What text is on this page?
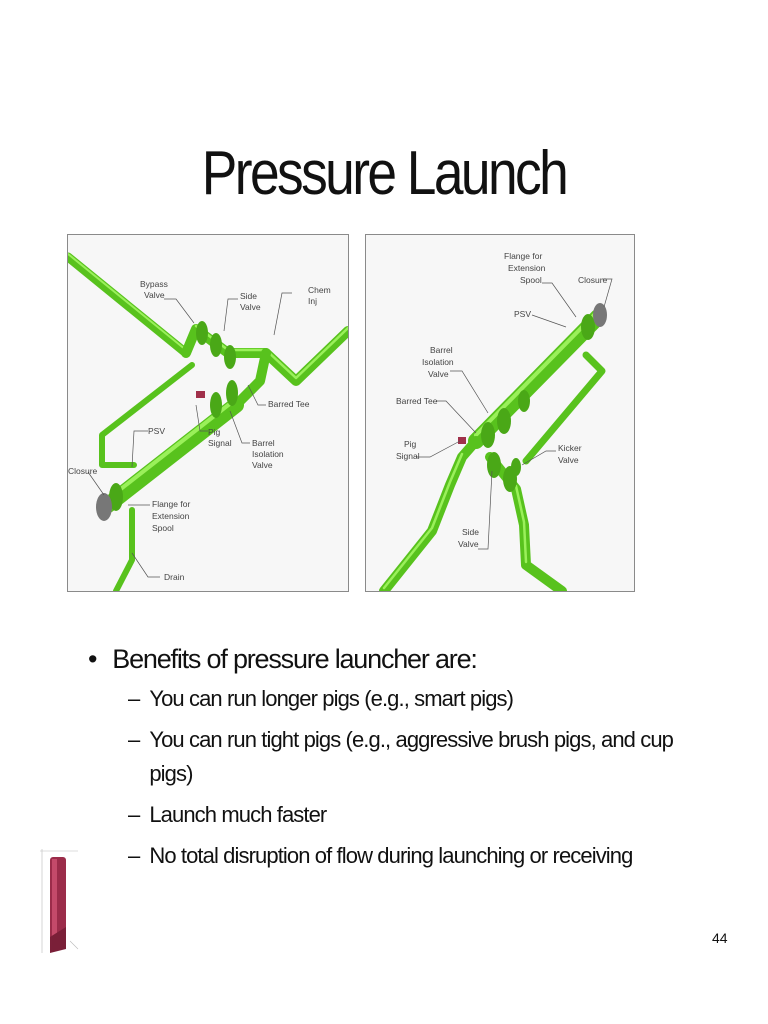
Pressure Launch
Bypass Valve	Side Valve
Chem Inj
Barred Tee
PSV	Pig Signal Barrel Isolation Valve
Closure
Flange for Extension Spool
Drain
Flange for Extension Spool	Closure
PSV
Barrel Isolation Valve
Barred Tee
Pig Signal
Kicker Valve
Side Valve
• Benefits of pressure launcher are:
– You can run longer pigs (e.g., smart pigs)
– You can run tight pigs (e.g., aggressive brush pigs, and cup pigs)
– Launch much faster
– No total disruption of flow during launching or receiving
44
